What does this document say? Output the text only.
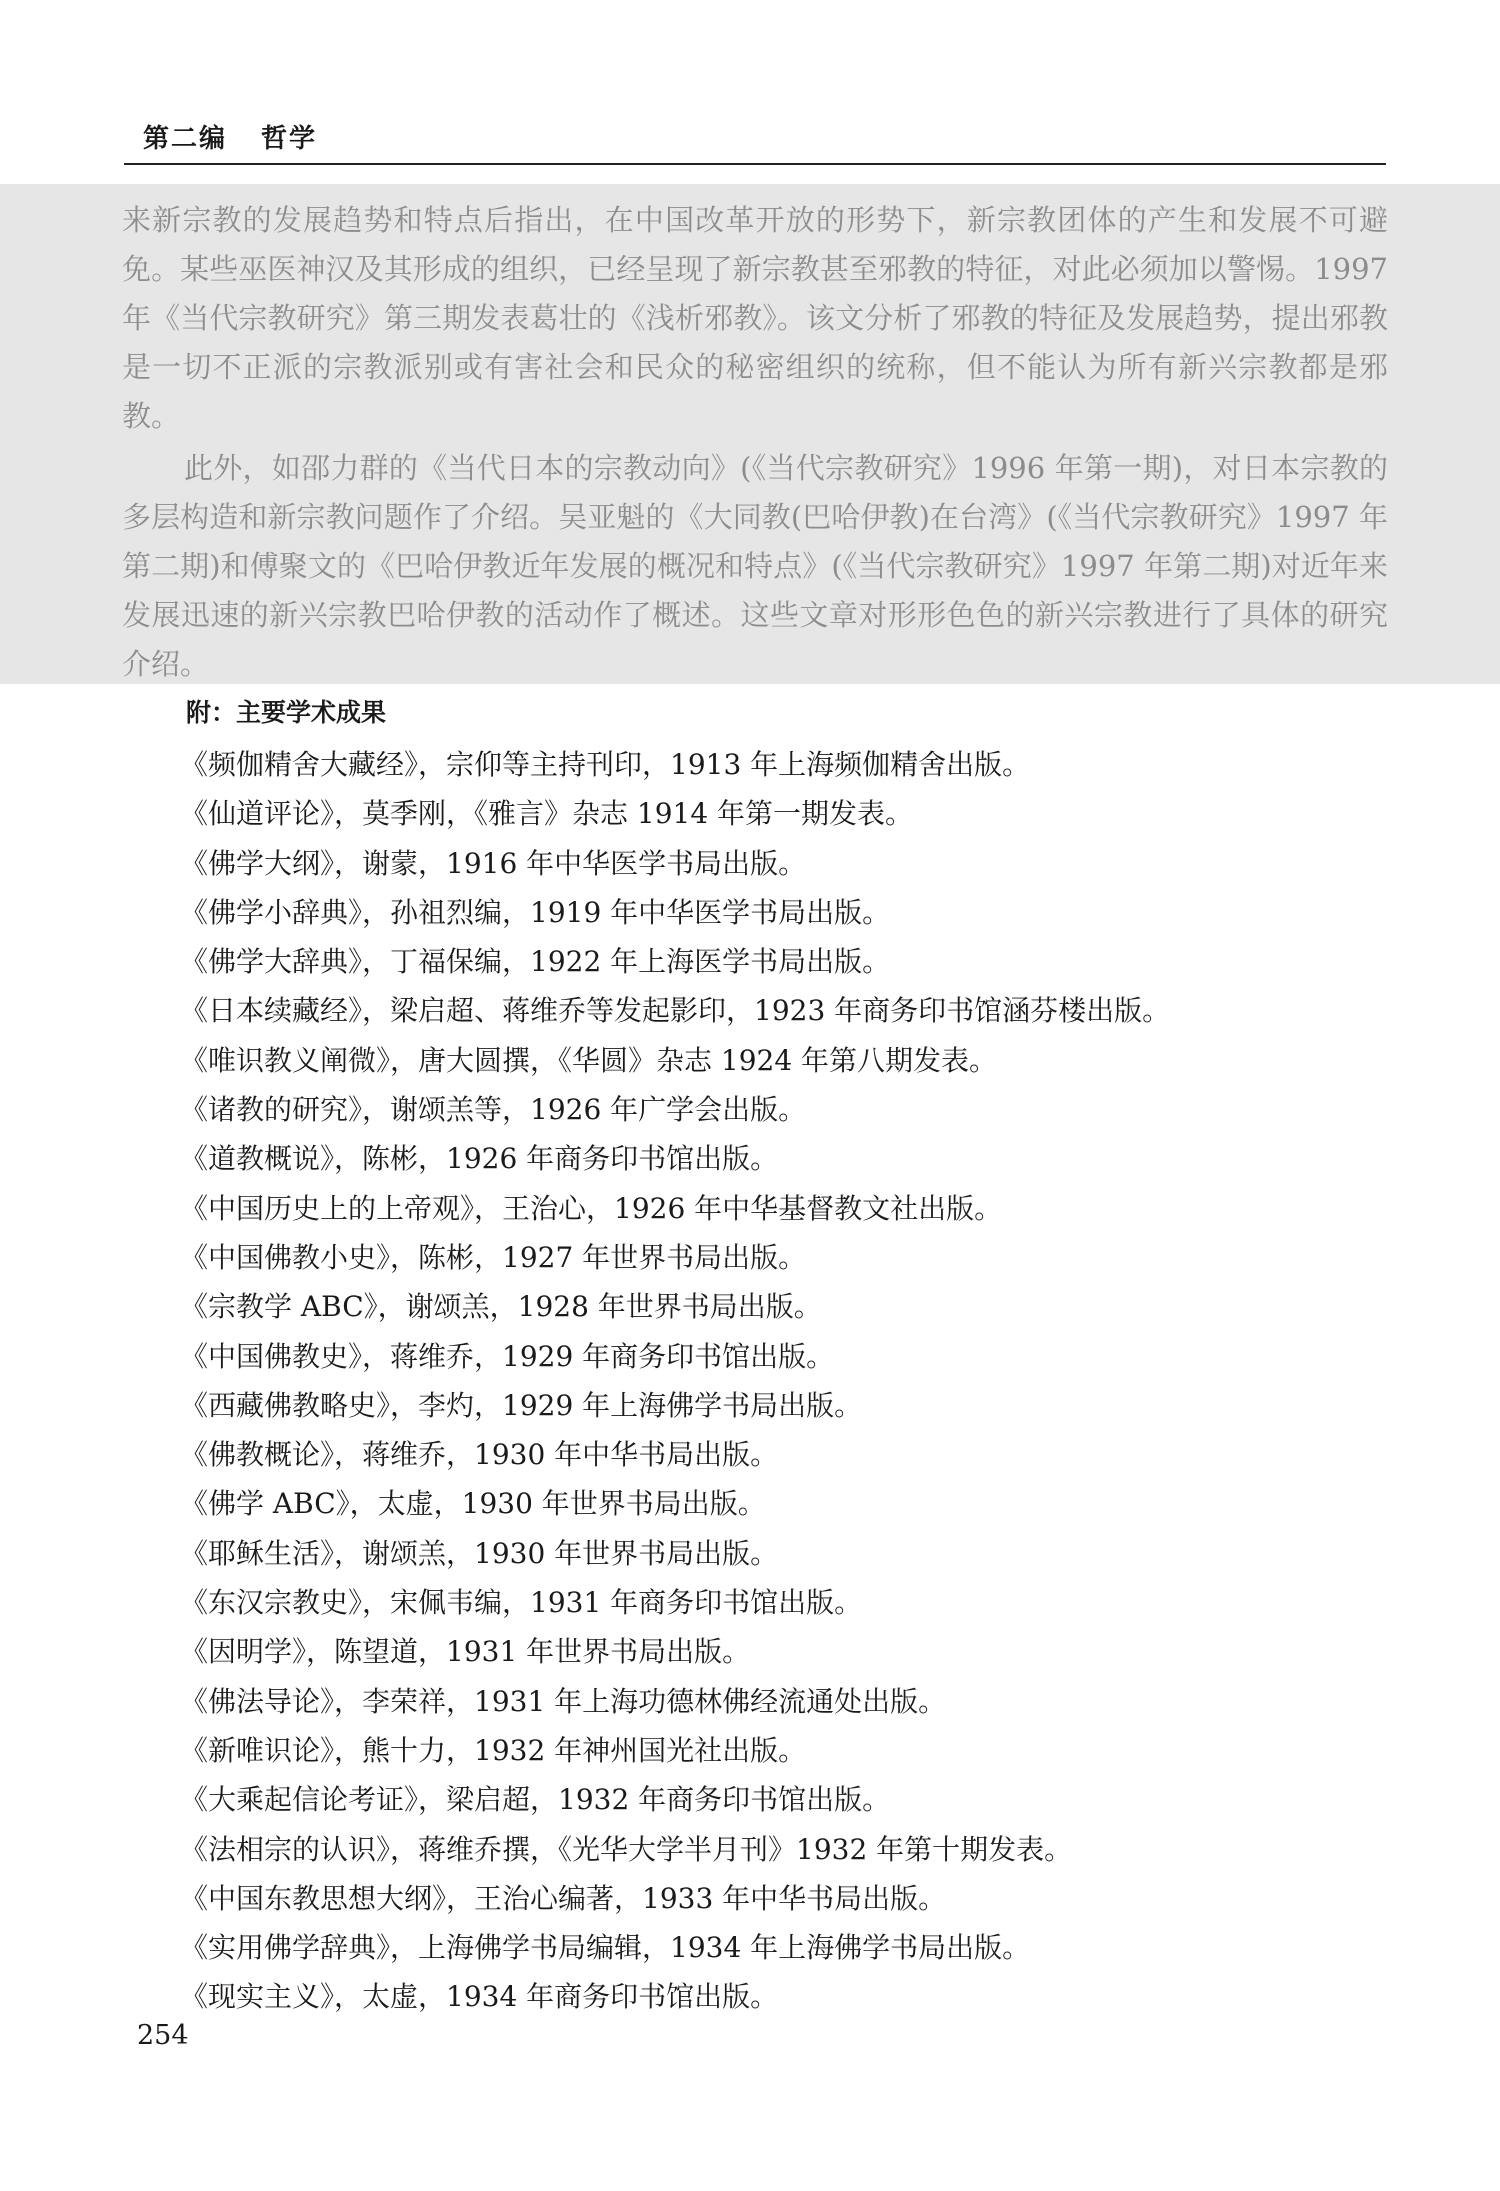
第二编 哲学

来新宗教的发展趋势和特点后指出，在中国改革开放的形势下，新宗教团体的产生和发展不可避免。某些巫医神汉及其形成的组织，已经呈现了新宗教甚至邪教的特征，对此必须加以警惕。1997 年《当代宗教研究》第三期发表葛壮的《浅析邪教》。该文分析了邪教的特征及发展趋势，提出邪教是一切不正派的宗教派别或有害社会和民众的秘密组织的统称，但不能认为所有新兴宗教都是邪教。

此外，如邵力群的《当代日本的宗教动向》(《当代宗教研究》1996 年第一期)，对日本宗教的多层构造和新宗教问题作了介绍。吴亚魁的《大同教(巴哈伊教)在台湾》(《当代宗教研究》1997 年第二期)和傅聚文的《巴哈伊教近年发展的概况和特点》(《当代宗教研究》1997 年第二期)对近年来发展迅速的新兴宗教巴哈伊教的活动作了概述。这些文章对形形色色的新兴宗教进行了具体的研究介绍。

附：主要学术成果
《频伽精舍大藏经》，宗仰等主持刊印，1913 年上海频伽精舍出版。
《仙道评论》，莫季刚，《雅言》杂志 1914 年第一期发表。
《佛学大纲》，谢蒙，1916 年中华医学书局出版。
《佛学小辞典》，孙祖烈编，1919 年中华医学书局出版。
《佛学大辞典》，丁福保编，1922 年上海医学书局出版。
《日本续藏经》，梁启超、蒋维乔等发起影印，1923 年商务印书馆涵芬楼出版。
《唯识教义阐微》，唐大圆撰，《华圆》杂志 1924 年第八期发表。
《诸教的研究》，谢颂羔等，1926 年广学会出版。
《道教概说》，陈彬，1926 年商务印书馆出版。
《中国历史上的上帝观》，王治心，1926 年中华基督教文社出版。
《中国佛教小史》，陈彬，1927 年世界书局出版。
《宗教学 ABC》，谢颂羔，1928 年世界书局出版。
《中国佛教史》，蒋维乔，1929 年商务印书馆出版。
《西藏佛教略史》，李灼，1929 年上海佛学书局出版。
《佛教概论》，蒋维乔，1930 年中华书局出版。
《佛学 ABC》，太虚，1930 年世界书局出版。
《耶稣生活》，谢颂羔，1930 年世界书局出版。
《东汉宗教史》，宋佩韦编，1931 年商务印书馆出版。
《因明学》，陈望道，1931 年世界书局出版。
《佛法导论》，李荣祥，1931 年上海功德林佛经流通处出版。
《新唯识论》，熊十力，1932 年神州国光社出版。
《大乘起信论考证》，梁启超，1932 年商务印书馆出版。
《法相宗的认识》，蒋维乔撰，《光华大学半月刊》1932 年第十期发表。
《中国东教思想大纲》，王治心编著，1933 年中华书局出版。
《实用佛学辞典》，上海佛学书局编辑，1934 年上海佛学书局出版。
《现实主义》，太虚，1934 年商务印书馆出版。
254
